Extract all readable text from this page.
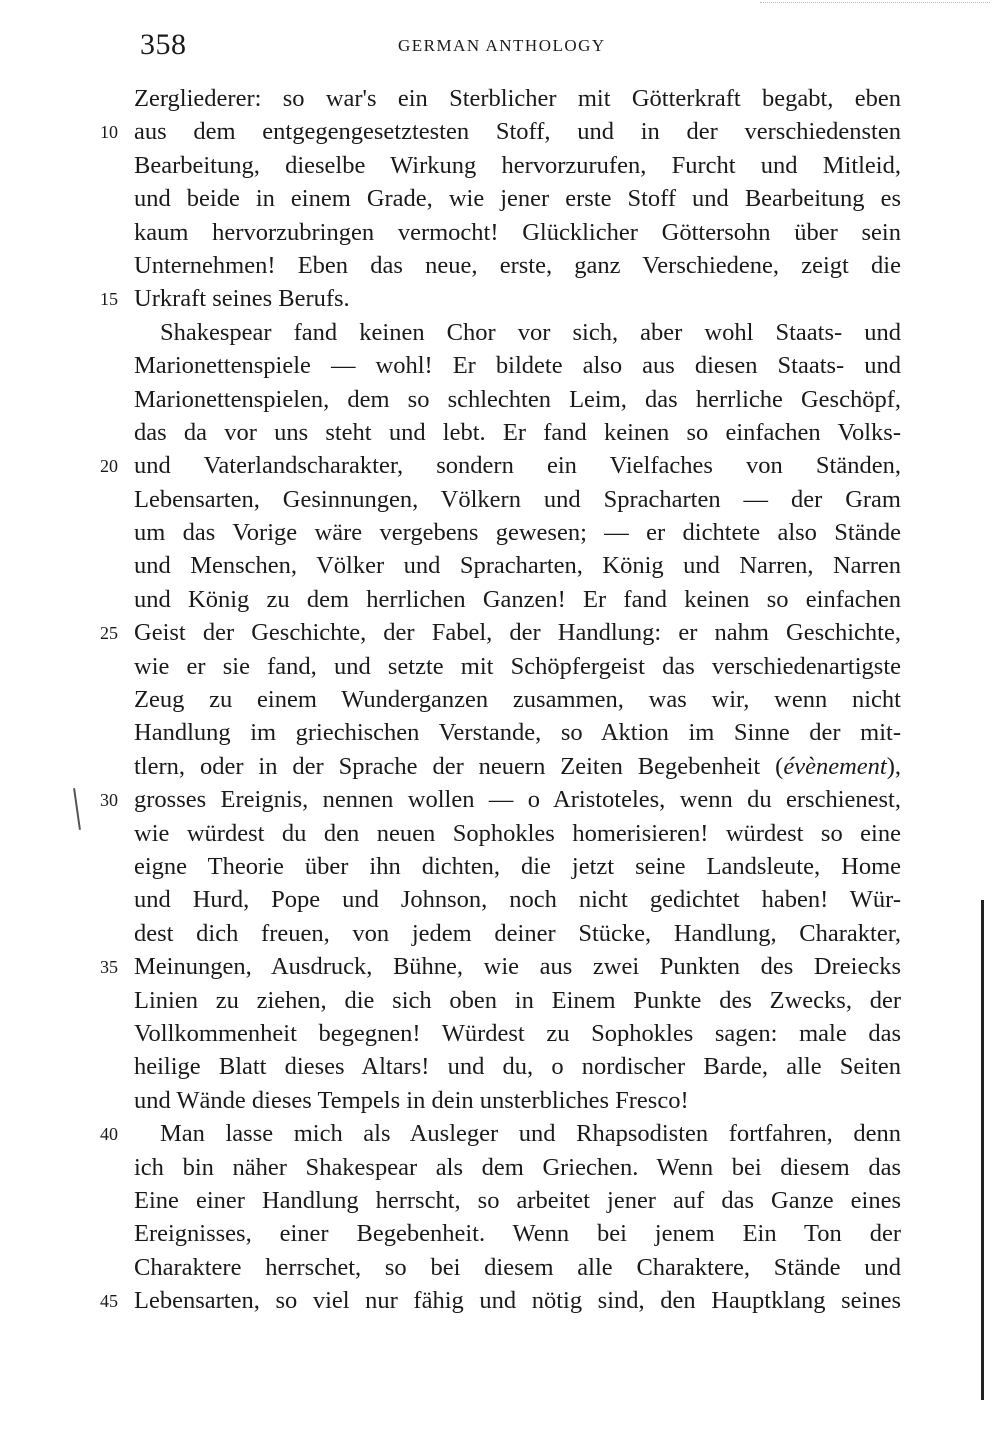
358	GERMAN ANTHOLOGY
Zergliederer: so war's ein Sterblicher mit Götterkraft begabt, eben
10 aus dem entgegengesetztesten Stoff, und in der verschiedensten
Bearbeitung, dieselbe Wirkung hervorzurufen, Furcht und Mitleid,
und beide in einem Grade, wie jener erste Stoff und Bearbeitung es
kaum hervorzubringen vermocht! Glücklicher Göttersohn über sein
Unternehmen! Eben das neue, erste, ganz Verschiedene, zeigt die
15 Urkraft seines Berufs.
Shakespear fand keinen Chor vor sich, aber wohl Staats- und
Marionettenspiele — wohl! Er bildete also aus diesen Staats- und
Marionettenspielen, dem so schlechten Leim, das herrliche Geschöpf,
das da vor uns steht und lebt. Er fand keinen so einfachen Volks-
20 und Vaterlandscharakter, sondern ein Vielfaches von Ständen,
Lebensarten, Gesinnungen, Völkern und Spracharten — der Gram
um das Vorige wäre vergebens gewesen; — er dichtete also Stände
und Menschen, Völker und Spracharten, König und Narren, Narren
und König zu dem herrlichen Ganzen! Er fand keinen so einfachen
25 Geist der Geschichte, der Fabel, der Handlung: er nahm Geschichte,
wie er sie fand, und setzte mit Schöpfergeist das verschiedenartigste
Zeug zu einem Wunderganzen zusammen, was wir, wenn nicht
Handlung im griechischen Verstande, so Aktion im Sinne der mit-
tlern, oder in der Sprache der neuern Zeiten Begebenheit (évènement),
30 grosses Ereignis, nennen wollen — o Aristoteles, wenn du erschienest,
wie würdest du den neuen Sophokles homerisieren! würdest so eine
eigne Theorie über ihn dichten, die jetzt seine Landsleute, Home
und Hurd, Pope und Johnson, noch nicht gedichtet haben! Wür-
dest dich freuen, von jedem deiner Stücke, Handlung, Charakter,
35 Meinungen, Ausdruck, Bühne, wie aus zwei Punkten des Dreiecks
Linien zu ziehen, die sich oben in Einem Punkte des Zwecks, der
Vollkommenheit begegnen! Würdest zu Sophokles sagen: male das
heilige Blatt dieses Altars! und du, o nordischer Barde, alle Seiten
und Wände dieses Tempels in dein unsterbliches Fresco!
40 Man lasse mich als Ausleger und Rhapsodisten fortfahren, denn
ich bin näher Shakespear als dem Griechen. Wenn bei diesem das
Eine einer Handlung herrscht, so arbeitet jener auf das Ganze eines
Ereignisses, einer Begebenheit. Wenn bei jenem Ein Ton der
Charaktere herrschet, so bei diesem alle Charaktere, Stände und
45 Lebensarten, so viel nur fähig und nötig sind, den Hauptklang seines
